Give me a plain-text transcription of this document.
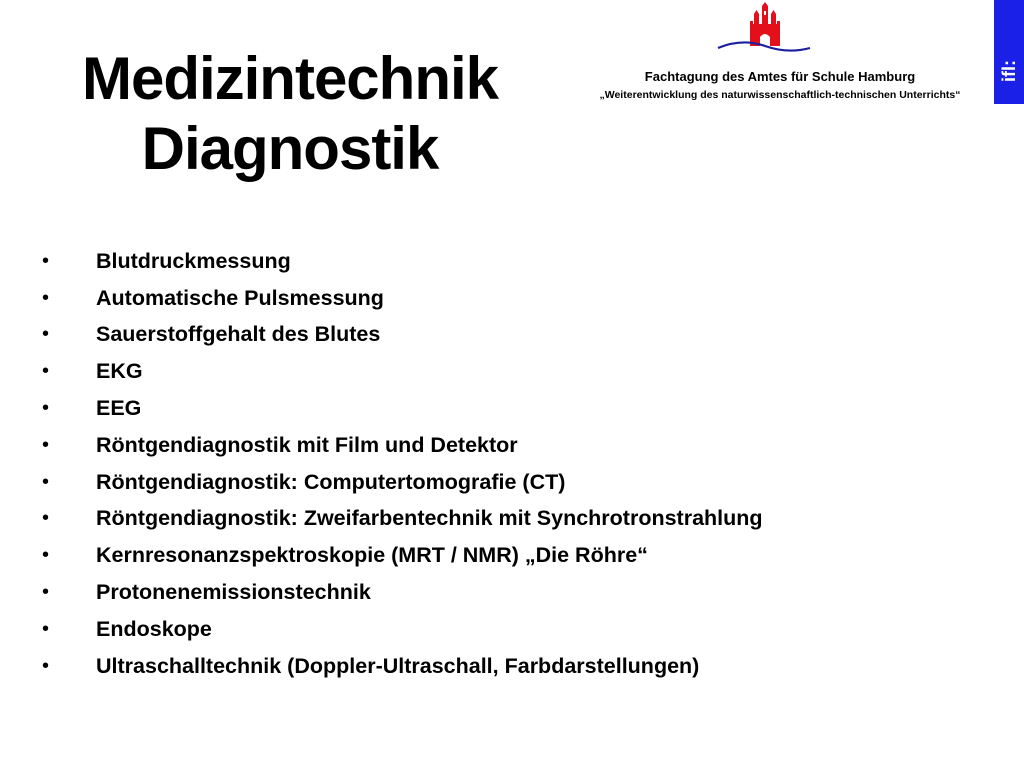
Medizintechnik
Diagnostik
Fachtagung des Amtes für Schule Hamburg
„Weiterentwicklung des naturwissenschaftlich-technischen Unterrichts“
ifl:
•	Blutdruckmessung
•	Automatische Pulsmessung
•	Sauerstoffgehalt des Blutes
•	EKG
•	EEG
•	Röntgendiagnostik mit Film und Detektor
•	Röntgendiagnostik: Computertomografie (CT)
•	Röntgendiagnostik: Zweifarbentechnik mit Synchrotronstrahlung
•	Kernresonanzspektroskopie (MRT / NMR) „Die Röhre“
•	Protonenemissionstechnik
•	Endoskope
•	Ultraschalltechnik (Doppler-Ultraschall, Farbdarstellungen)
